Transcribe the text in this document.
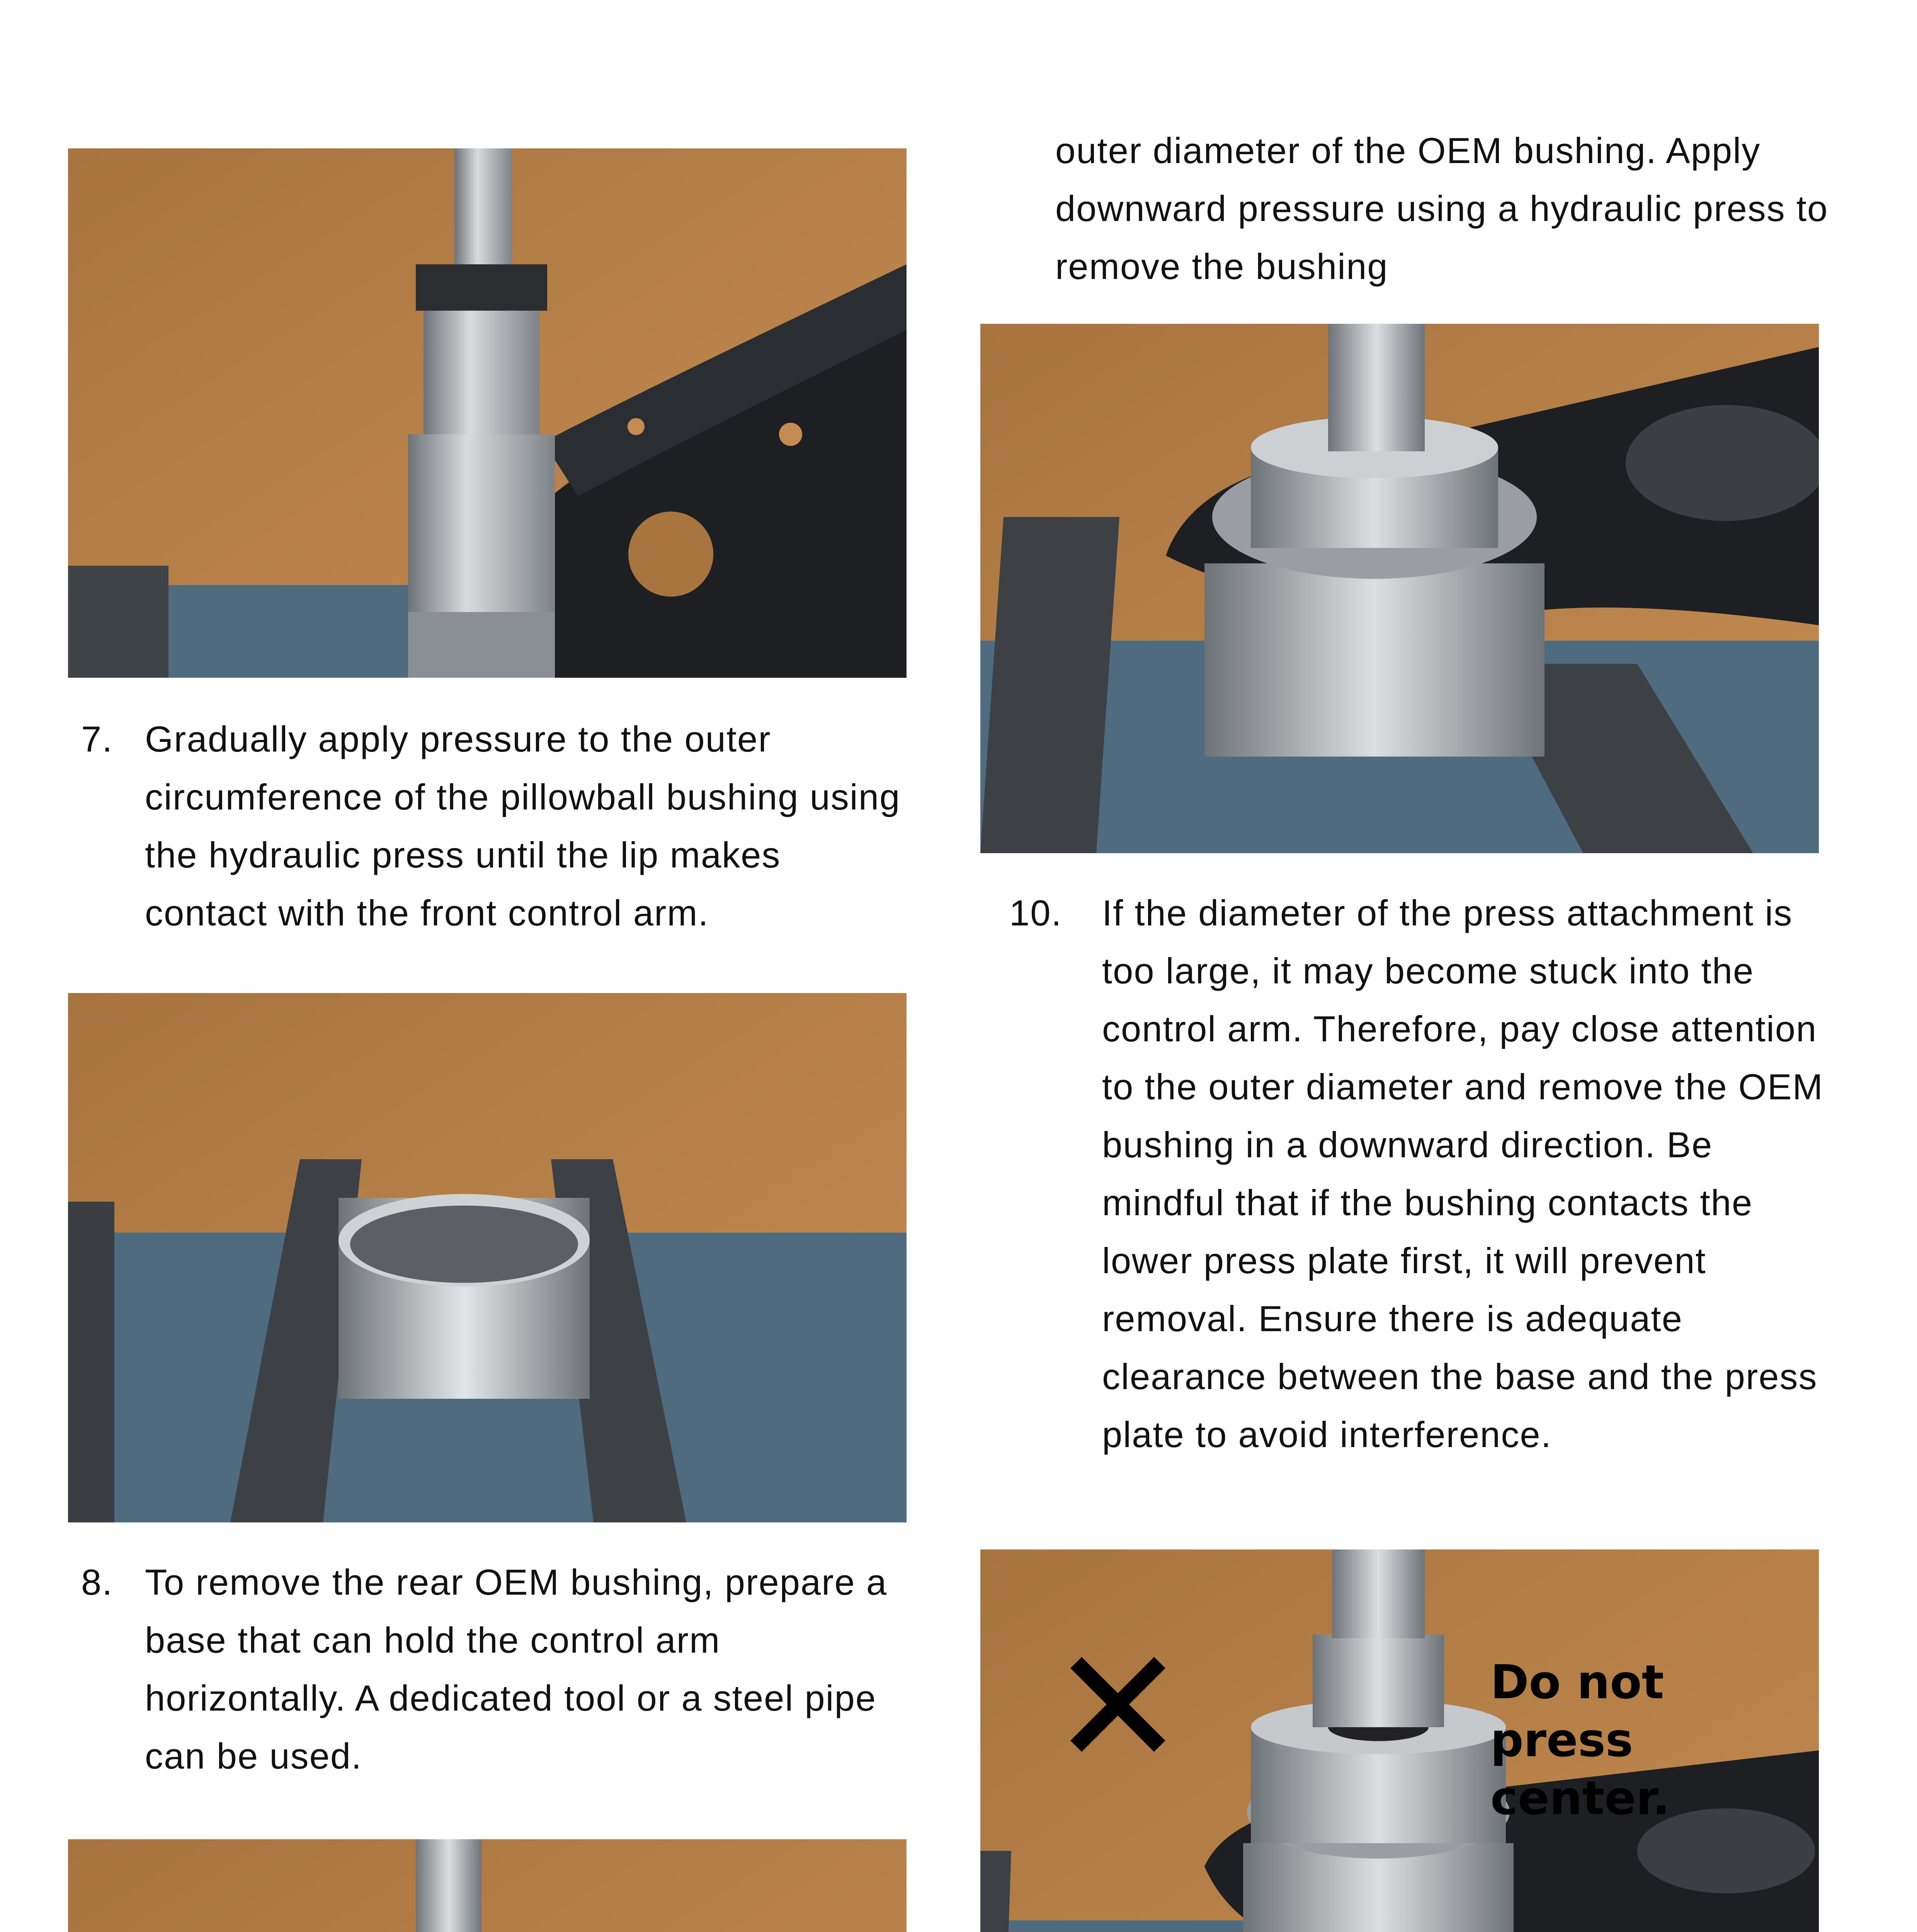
7. Gradually apply pressure to the outer circumference of the pillowball bushing using the hydraulic press until the lip makes contact with the front control arm.

8. To remove the rear OEM bushing, prepare a base that can hold the control arm horizontally. A dedicated tool or a steel pipe can be used.

outer diameter of the OEM bushing. Apply downward pressure using a hydraulic press to remove the bushing
10. If the diameter of the press attachment is too large, it may become stuck into the control arm. Therefore, pay close attention to the outer diameter and remove the OEM bushing in a downward direction. Be mindful that if the bushing contacts the lower press plate first, it will prevent removal. Ensure there is adequate clearance between the base and the press plate to avoid interference.

✕	Do not press
center.
